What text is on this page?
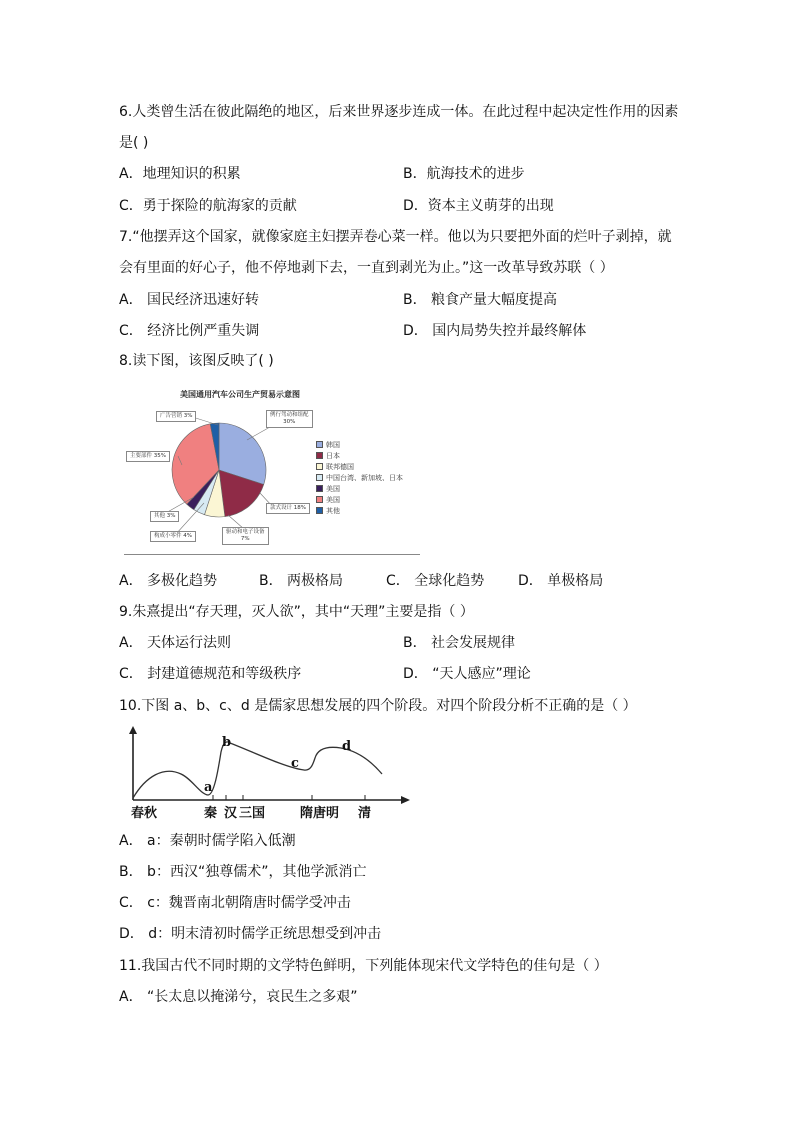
6.人类曾生活在彼此隔绝的地区，后来世界逐步连成一体。在此过程中起决定性作用的因素
是( )
A．地理知识的积累	B．航海技术的进步
C．勇于探险的航海家的贡献	D．资本主义萌芽的出现
7.“他摆弄这个国家，就像家庭主妇摆弄卷心菜一样。他以为只要把外面的烂叶子剥掉，就
会有里面的好心子，他不停地剥下去，一直到剥光为止。”这一改革导致苏联（ ）
A． 国民经济迅速好转	B． 粮食产量大幅度提高
C． 经济比例严重失调	D． 国内局势失控并最终解体
8.读下图，该图反映了( )
美国通用汽车公司生产贸易示意图
广告营销 3%	例行驾动和组配
30%
主要部件 35%
其他 3%
构成小零件 4%
驱动和电子设备
7%
款式设计 18%
韩国
日本
联邦德国
中国台湾、新加坡、日本
美国
美国
其他
A． 多极化趋势	B． 两极格局	C． 全球化趋势 D． 单极格局
9.朱熹提出“存天理，灭人欲”，其中“天理”主要是指（ ）
A． 天体运行法则	B． 社会发展规律
C． 封建道德规范和等级秩序	D． “天人感应”理论
10.下图 a、b、c、d 是儒家思想发展的四个阶段。对四个阶段分析不正确的是（ ）
a
b
c
d
春秋	秦 汉 三国	隋唐明 清
A． a：秦朝时儒学陷入低潮
B． b：西汉“独尊儒术”，其他学派消亡
C． c：魏晋南北朝隋唐时儒学受冲击
D． d：明末清初时儒学正统思想受到冲击
11.我国古代不同时期的文学特色鲜明，下列能体现宋代文学特色的佳句是（ ）
A． “长太息以掩涕兮，哀民生之多艰”
